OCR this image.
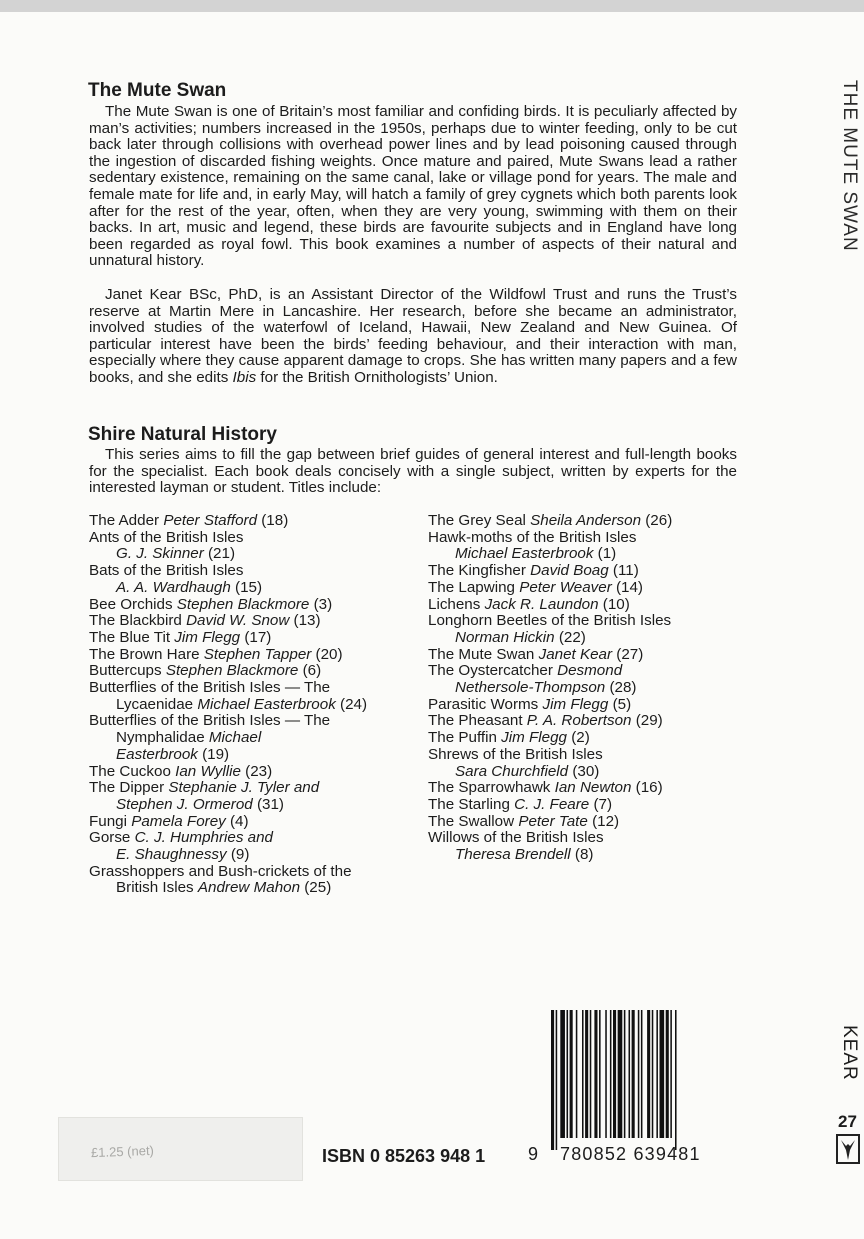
The Mute Swan

The Mute Swan is one of Britain’s most familiar and confiding birds. It is peculiarly affected by man’s activities; numbers increased in the 1950s, perhaps due to winter feeding, only to be cut back later through collisions with overhead power lines and by lead poisoning caused through the ingestion of discarded fishing weights. Once mature and paired, Mute Swans lead a rather sedentary existence, remaining on the same canal, lake or village pond for years. The male and female mate for life and, in early May, will hatch a family of grey cygnets which both parents look after for the rest of the year, often, when they are very young, swimming with them on their backs. In art, music and legend, these birds are favourite subjects and in England have long been regarded as royal fowl. This book examines a number of aspects of their natural and unnatural history.

Janet Kear BSc, PhD, is an Assistant Director of the Wildfowl Trust and runs the Trust’s reserve at Martin Mere in Lancashire. Her research, before she became an administrator, involved studies of the waterfowl of Iceland, Hawaii, New Zealand and New Guinea. Of particular interest have been the birds’ feeding behaviour, and their interaction with man, especially where they cause apparent damage to crops. She has written many papers and a few books, and she edits Ibis for the British Ornithologists’ Union.

Shire Natural History

This series aims to fill the gap between brief guides of general interest and full-length books for the specialist. Each book deals concisely with a single subject, written by experts for the interested layman or student. Titles include:

The Adder Peter Stafford (18)
Ants of the British Isles
G. J. Skinner (21)
Bats of the British Isles
A. A. Wardhaugh (15)
Bee Orchids Stephen Blackmore (3)
The Blackbird David W. Snow (13)
The Blue Tit Jim Flegg (17)
The Brown Hare Stephen Tapper (20)
Buttercups Stephen Blackmore (6)
Butterflies of the British Isles — The
Lycaenidae Michael Easterbrook (24)
Butterflies of the British Isles — The
Nymphalidae Michael
Easterbrook (19)
The Cuckoo Ian Wyllie (23)
The Dipper Stephanie J. Tyler and
Stephen J. Ormerod (31)
Fungi Pamela Forey (4)
Gorse C. J. Humphries and
E. Shaughnessy (9)
Grasshoppers and Bush-crickets of the
British Isles Andrew Mahon (25)
The Grey Seal Sheila Anderson (26)
Hawk-moths of the British Isles
Michael Easterbrook (1)
The Kingfisher David Boag (11)
The Lapwing Peter Weaver (14)
Lichens Jack R. Laundon (10)
Longhorn Beetles of the British Isles
Norman Hickin (22)
The Mute Swan Janet Kear (27)
The Oystercatcher Desmond
Nethersole-Thompson (28)
Parasitic Worms Jim Flegg (5)
The Pheasant P. A. Robertson (29)
The Puffin Jim Flegg (2)
Shrews of the British Isles
Sara Churchfield (30)
The Sparrowhawk Ian Newton (16)
The Starling C. J. Feare (7)
The Swallow Peter Tate (12)
Willows of the British Isles
Theresa Brendell (8)
THE MUTE SWAN
KEAR
27
£1.25 (net)	ISBN 0 85263 948 1 9 780852 639481
